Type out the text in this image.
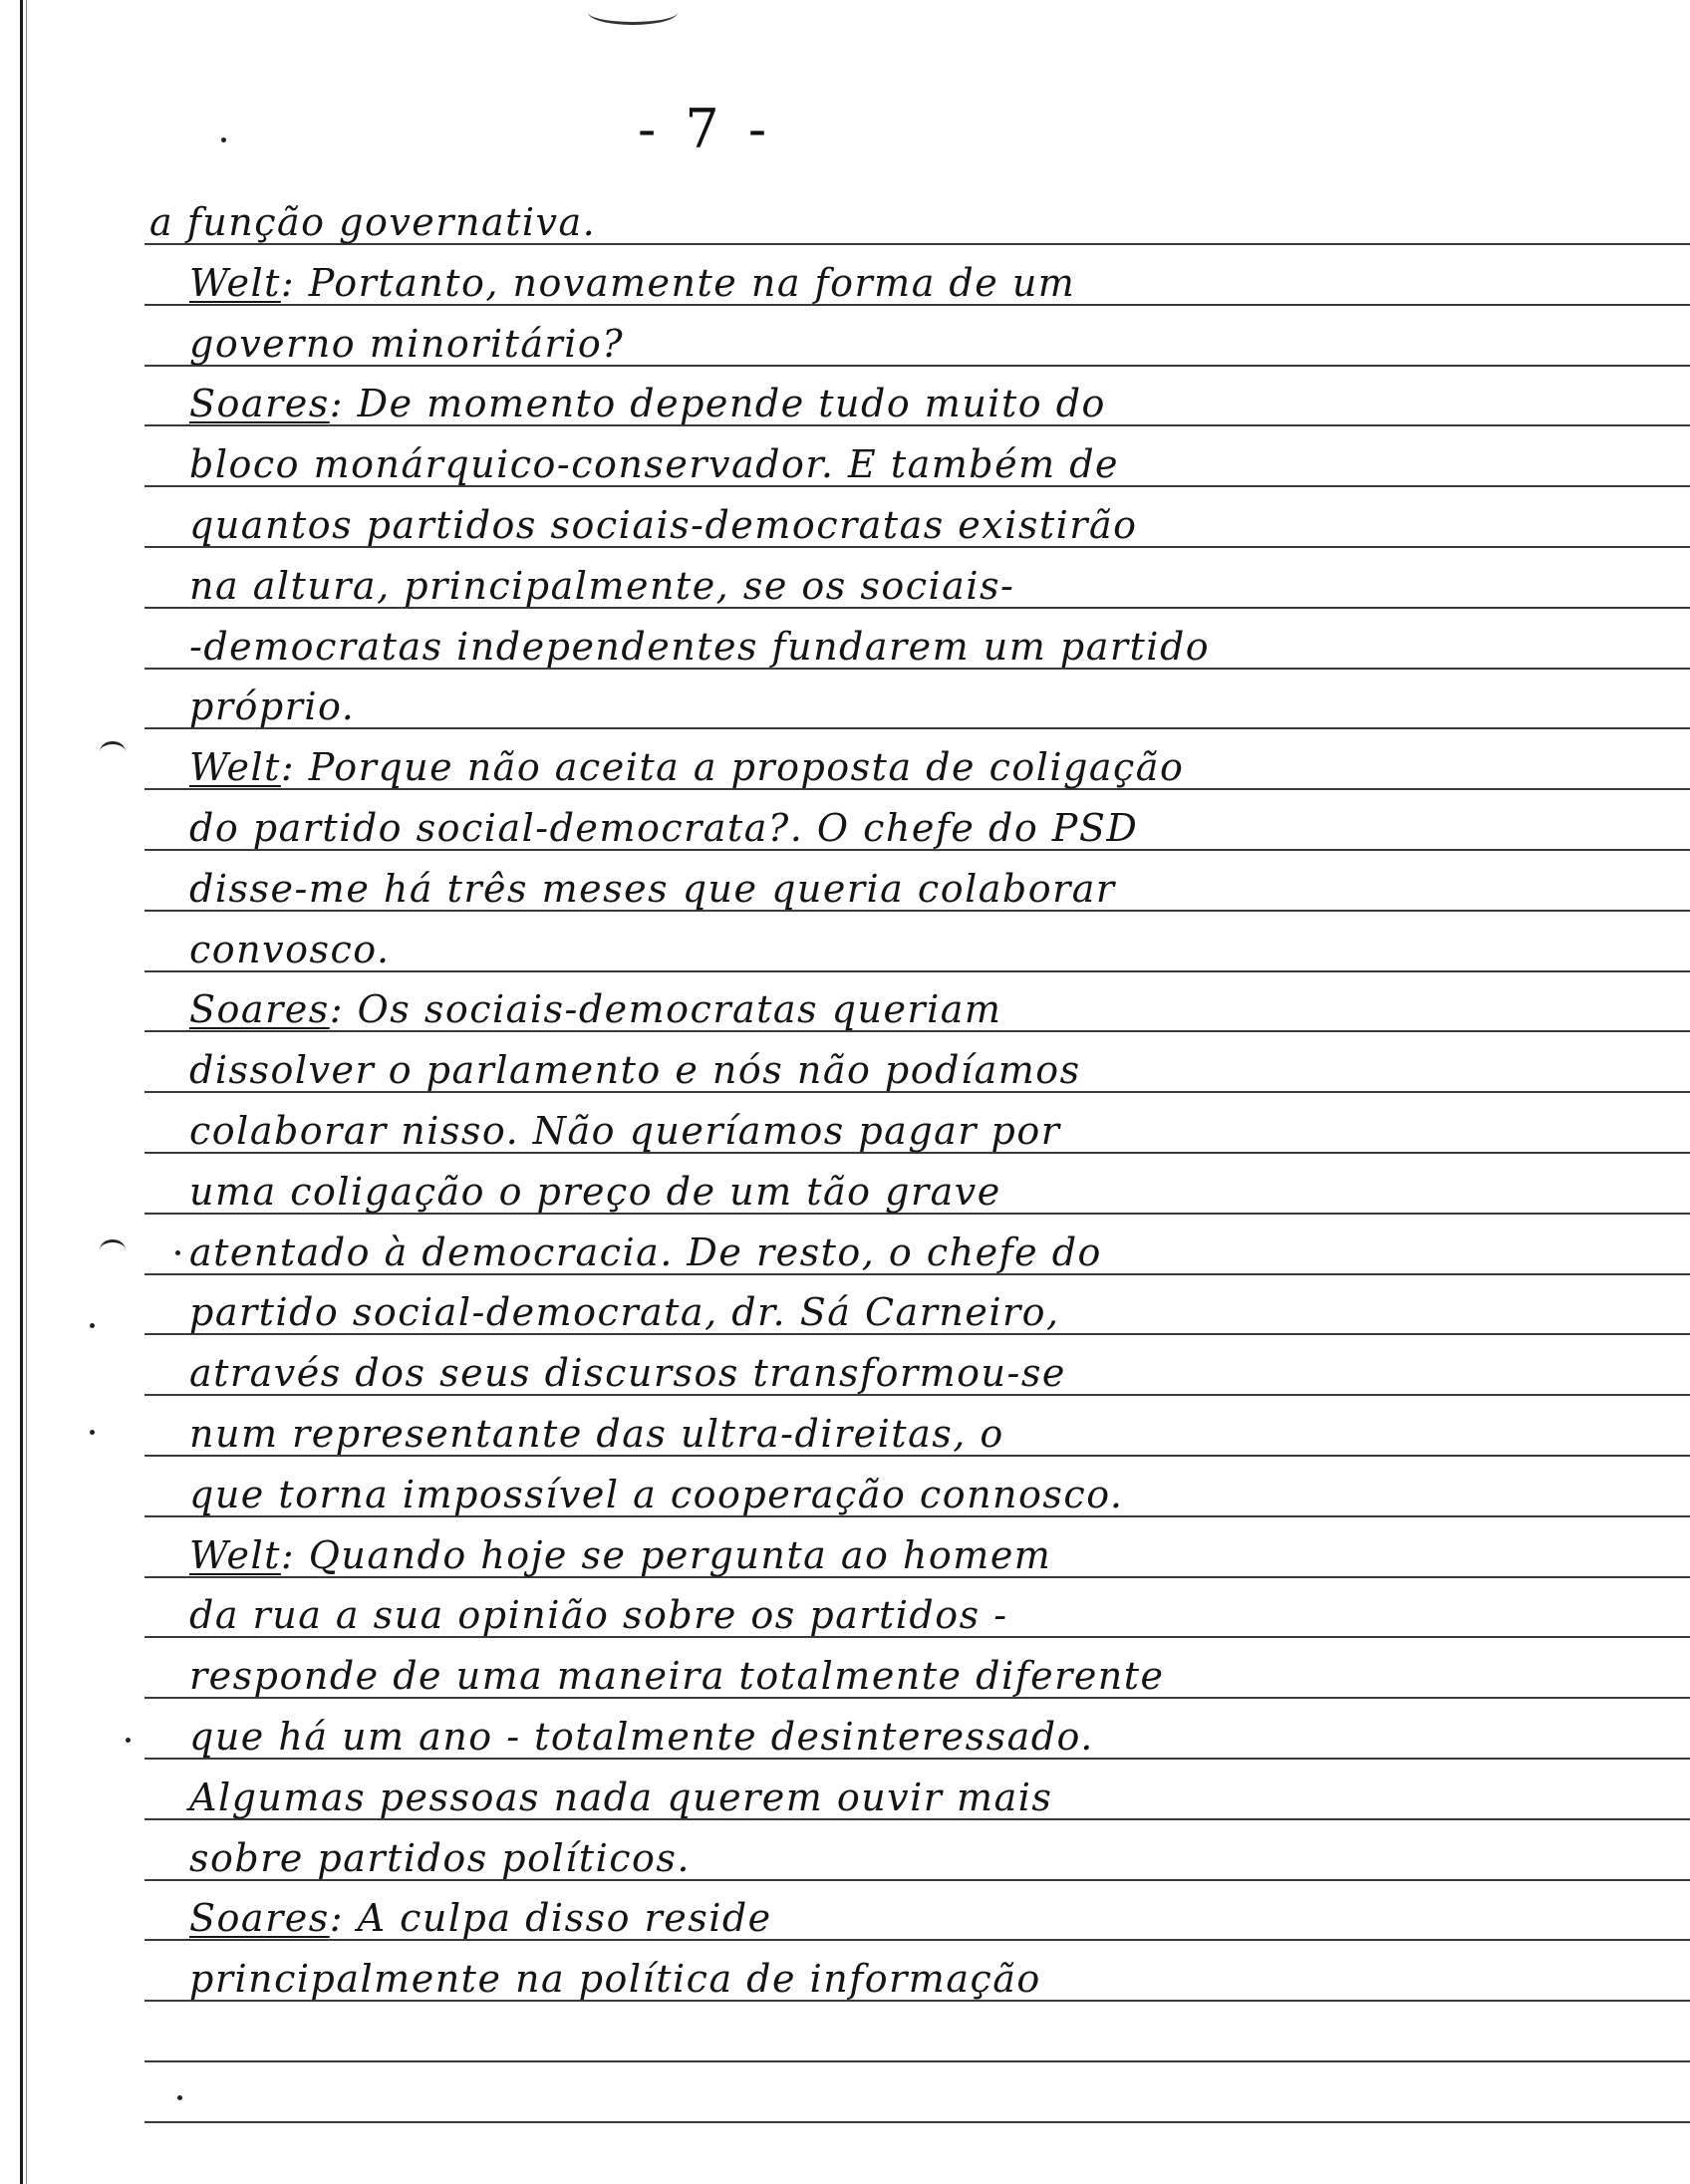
- 7 -
a função governativa.
Welt: Portanto, novamente na forma de um
governo minoritário?
Soares: De momento depende tudo muito do
bloco monárquico-conservador. E também de
quantos partidos sociais-democratas existirão
na altura, principalmente, se os sociais-
-democratas independentes fundarem um partido
próprio.
Welt: Porque não aceita a proposta de coligação
do partido social-democrata?. O chefe do PSD
disse-me há três meses que queria colaborar
convosco.
Soares: Os sociais-democratas queriam
dissolver o parlamento e nós não podíamos
colaborar nisso. Não queríamos pagar por
uma coligação o preço de um tão grave
atentado à democracia. De resto, o chefe do
partido social-democrata, dr. Sá Carneiro,
através dos seus discursos transformou-se
num representante das ultra-direitas, o
que torna impossível a cooperação connosco.
Welt: Quando hoje se pergunta ao homem
da rua a sua opinião sobre os partidos -
responde de uma maneira totalmente diferente
que há um ano - totalmente desinteressado.
Algumas pessoas nada querem ouvir mais
sobre partidos políticos.
Soares: A culpa disso reside
principalmente na política de informação
